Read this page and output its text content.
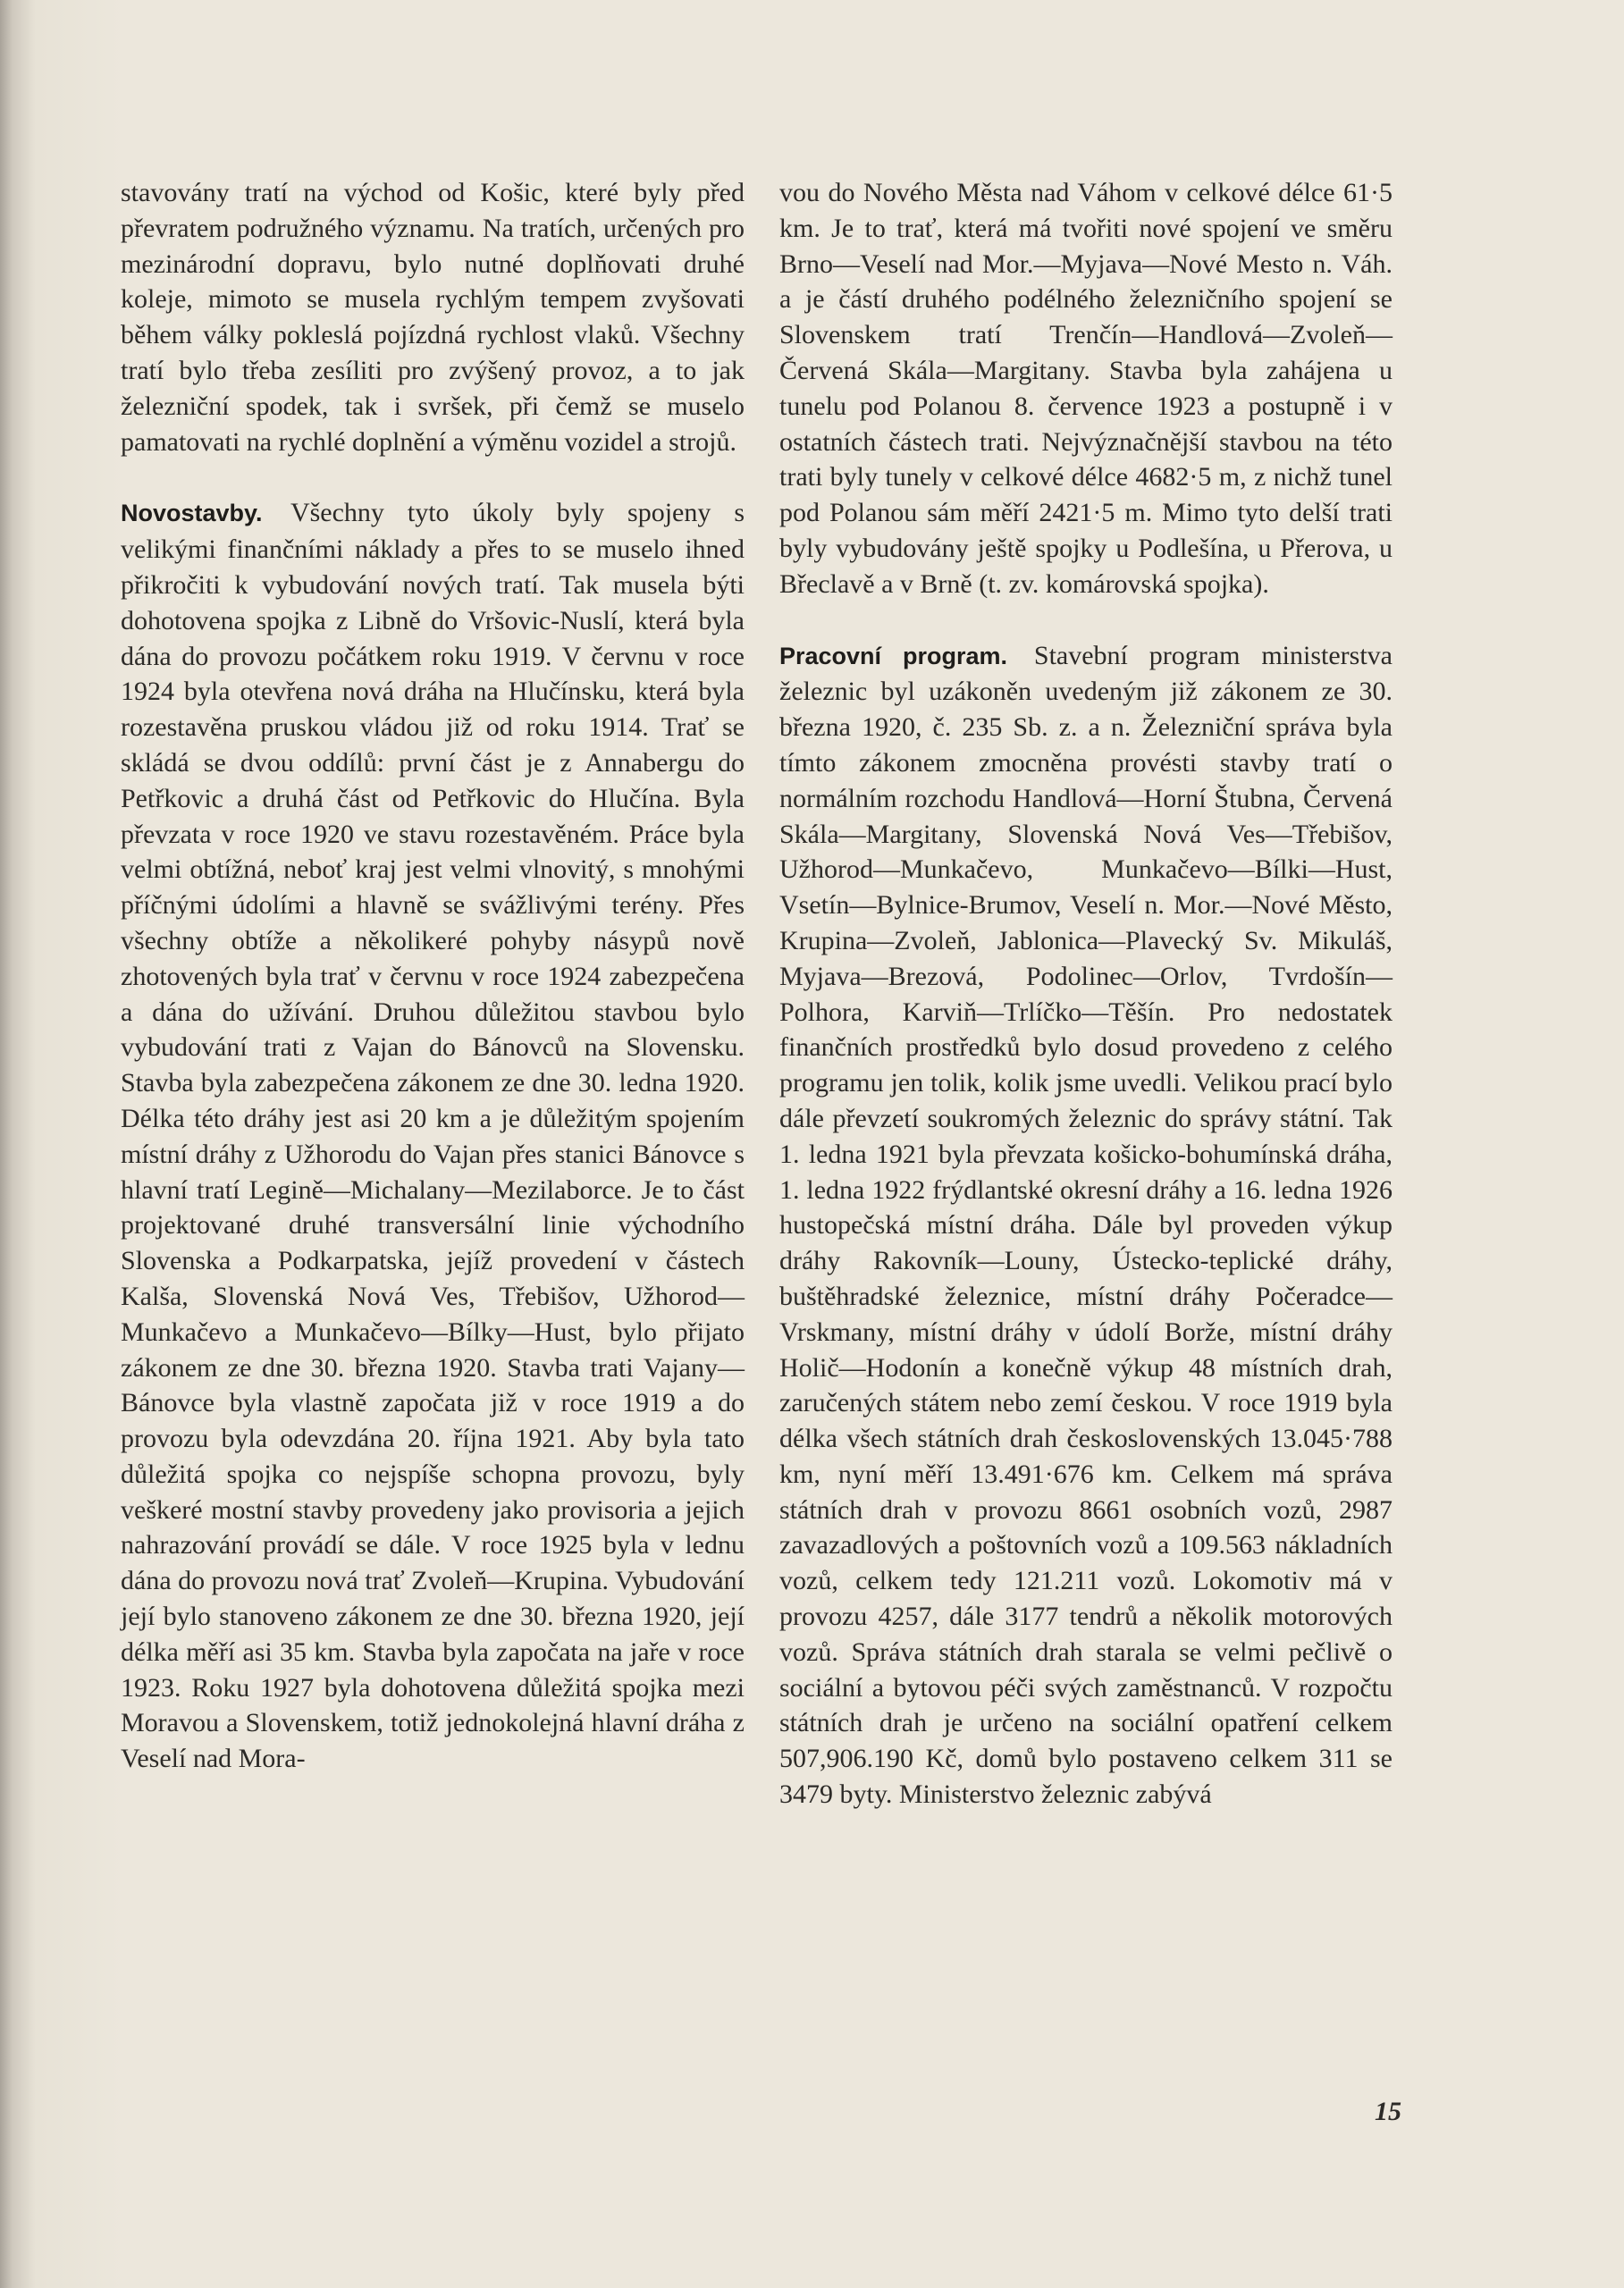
stavovány tratí na východ od Košic, které byly před převratem podružného významu. Na tratích, určených pro mezinárodní dopravu, bylo nutné doplňovati druhé koleje, mimoto se musela rychlým tempem zvyšovati během války pokleslá pojízdná rychlost vlaků. Všechny tratí bylo třeba zesíliti pro zvýšený provoz, a to jak železniční spodek, tak i svršek, při čemž se muselo pamatovati na rychlé doplnění a výměnu vozidel a strojů.

Novostavby. Všechny tyto úkoly byly spojeny s velikými finančními náklady a přes to se muselo ihned přikročiti k vybudování nových tratí. Tak musela býti dohotovena spojka z Libně do Vršovic-Nuslí, která byla dána do provozu počátkem roku 1919. V červnu v roce 1924 byla otevřena nová dráha na Hlučínsku, která byla rozestavěna pruskou vládou již od roku 1914. Trať se skládá se dvou oddílů: první část je z Annabergu do Petřkovic a druhá část od Petřkovic do Hlučína. Byla převzata v roce 1920 ve stavu rozestavěném. Práce byla velmi obtížná, neboť kraj jest velmi vlnovitý, s mnohými příčnými údolími a hlavně se svážlivými terény. Přes všechny obtíže a několikeré pohyby násypů nově zhotovených byla trať v červnu v roce 1924 zabezpečena a dána do užívání. Druhou důležitou stavbou bylo vybudování trati z Vajan do Bánovců na Slovensku. Stavba byla zabezpečena zákonem ze dne 30. ledna 1920. Délka této dráhy jest asi 20 km a je důležitým spojením místní dráhy z Užhorodu do Vajan přes stanici Bánovce s hlavní tratí Legině—Michalany—Mezilaborce. Je to část projektované druhé transversální linie východního Slovenska a Podkarpatska, jejíž provedení v částech Kalša, Slovenská Nová Ves, Třebišov, Užhorod—Munkačevo a Munkačevo—Bílky—Hust, bylo přijato zákonem ze dne 30. března 1920. Stavba trati Vajany—Bánovce byla vlastně započata již v roce 1919 a do provozu byla odevzdána 20. října 1921. Aby byla tato důležitá spojka co nejspíše schopna provozu, byly veškeré mostní stavby provedeny jako provisoria a jejich nahrazování provádí se dále. V roce 1925 byla v lednu dána do provozu nová trať Zvoleň—Krupina. Vybudování její bylo stanoveno zákonem ze dne 30. března 1920, její délka měří asi 35 km. Stavba byla započata na jaře v roce 1923. Roku 1927 byla dohotovena důležitá spojka mezi Moravou a Slovenskem, totiž jednokolejná hlavní dráha z Veselí nad Mora-

vou do Nového Města nad Váhom v celkové délce 61·5 km. Je to trať, která má tvořiti nové spojení ve směru Brno—Veselí nad Mor.—Myjava—Nové Mesto n. Váh. a je částí druhého podélného železničního spojení se Slovenskem tratí Trenčín—Handlová—Zvoleň—Červená Skála—Margitany. Stavba byla zahájena u tunelu pod Polanou 8. července 1923 a postupně i v ostatních částech trati. Nejvýznačnější stavbou na této trati byly tunely v celkové délce 4682·5 m, z nichž tunel pod Polanou sám měří 2421·5 m. Mimo tyto delší trati byly vybudovány ještě spojky u Podlešína, u Přerova, u Břeclavě a v Brně (t. zv. komárovská spojka).

Pracovní program. Stavební program ministerstva železnic byl uzákoněn uvedeným již zákonem ze 30. března 1920, č. 235 Sb. z. a n. Železniční správa byla tímto zákonem zmocněna provésti stavby tratí o normálním rozchodu Handlová—Horní Štubna, Červená Skála—Margitany, Slovenská Nová Ves—Třebišov, Užhorod—Munkačevo, Munkačevo—Bílki—Hust, Vsetín—Bylnice-Brumov, Veselí n. Mor.—Nové Město, Krupina—Zvoleň, Jablonica—Plavecký Sv. Mikuláš, Myjava—Brezová, Podolinec—Orlov, Tvrdošín—Polhora, Karviň—Trlíčko—Těšín. Pro nedostatek finančních prostředků bylo dosud provedeno z celého programu jen tolik, kolik jsme uvedli. Velikou prací bylo dále převzetí soukromých železnic do správy státní. Tak 1. ledna 1921 byla převzata košicko-bohumínská dráha, 1. ledna 1922 frýdlantské okresní dráhy a 16. ledna 1926 hustopečská místní dráha. Dále byl proveden výkup dráhy Rakovník—Louny, Ústecko-teplické dráhy, buštěhradské železnice, místní dráhy Počeradce—Vrskmany, místní dráhy v údolí Borže, místní dráhy Holič—Hodonín a konečně výkup 48 místních drah, zaručených státem nebo zemí českou. V roce 1919 byla délka všech státních drah československých 13.045·788 km, nyní měří 13.491·676 km. Celkem má správa státních drah v provozu 8661 osobních vozů, 2987 zavazadlových a poštovních vozů a 109.563 nákladních vozů, celkem tedy 121.211 vozů. Lokomotiv má v provozu 4257, dále 3177 tendrů a několik motorových vozů. Správa státních drah starala se velmi pečlivě o sociální a bytovou péči svých zaměstnanců. V rozpočtu státních drah je určeno na sociální opatření celkem 507,906.190 Kč, domů bylo postaveno celkem 311 se 3479 byty. Ministerstvo železnic zabývá

15
